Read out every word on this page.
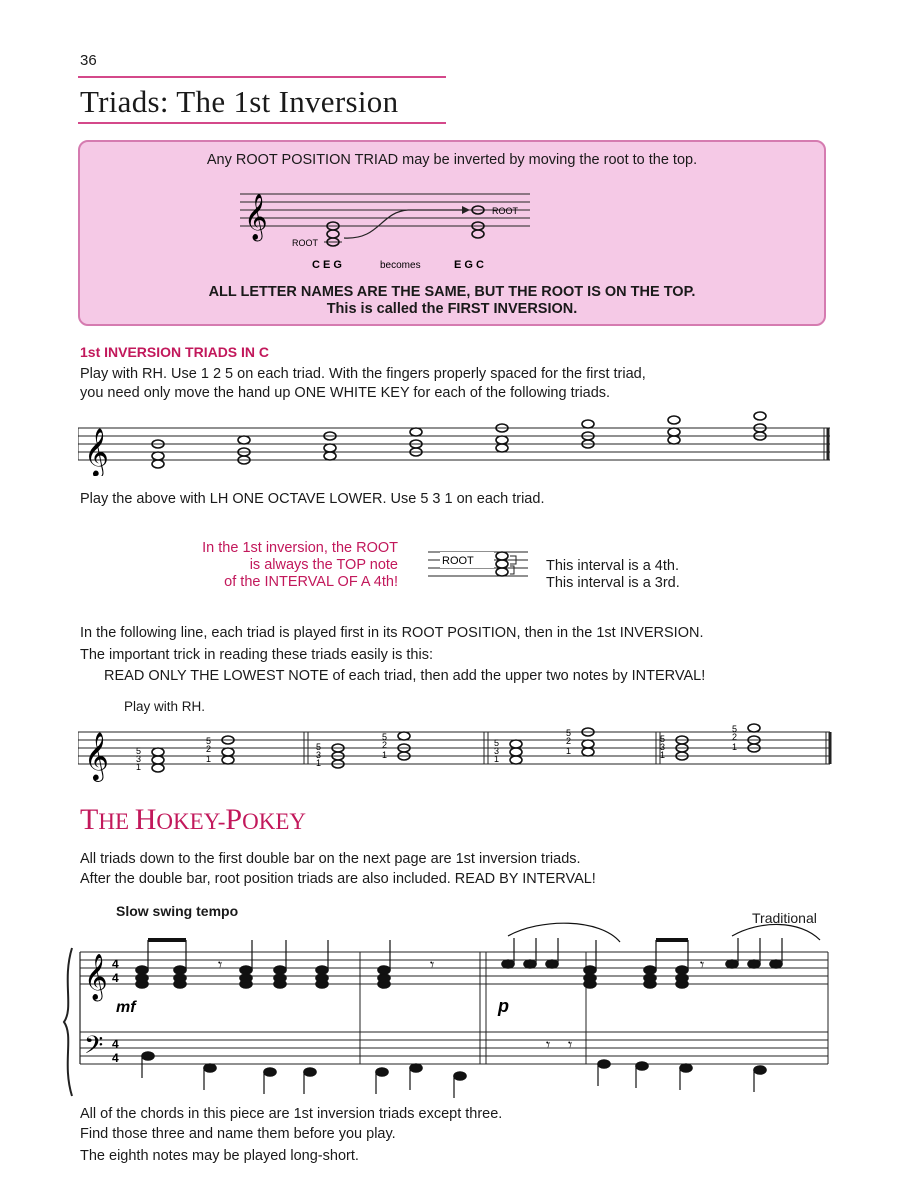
36
Triads: The 1st Inversion
Any ROOT POSITION TRIAD may be inverted by moving the root to the top.
𝄞
ROOT
ROOT
C E G	becomes	E G C
ALL LETTER NAMES ARE THE SAME, BUT THE ROOT IS ON THE TOP.
This is called the FIRST INVERSION.
1st INVERSION TRIADS IN C
Play with RH. Use 1 2 5 on each triad. With the fingers properly spaced for the first triad,
you need only move the hand up ONE WHITE KEY for each of the following triads.
𝄞
Play the above with LH ONE OCTAVE LOWER. Use 5 3 1 on each triad.
In the 1st inversion, the ROOT
is always the TOP note
of the INTERVAL OF A 4th!
ROOT	This interval is a 4th.
This interval is a 3rd.
In the following line, each triad is played first in its ROOT POSITION, then in the 1st INVERSION.
The important trick in reading these triads easily is this:
READ ONLY THE LOWEST NOTE of each triad, then add the upper two notes by INTERVAL!
Play with RH.
𝄞	5
3
1
5
2
1
5
3
1
5
2
1
5
3
1
5
2
1
5
3
1
5
2
1
THE HOKEY-POKEY
All triads down to the first double bar on the next page are 1st inversion triads.
After the double bar, root position triads are also included. READ BY INTERVAL!
Slow swing tempo	Traditional
𝄞
𝄢
4
4
4
4
mf	p
𝄾	𝄾
𝄾 𝄾
𝄾
All of the chords in this piece are 1st inversion triads except three.
Find those three and name them before you play.
The eighth notes may be played long-short.
